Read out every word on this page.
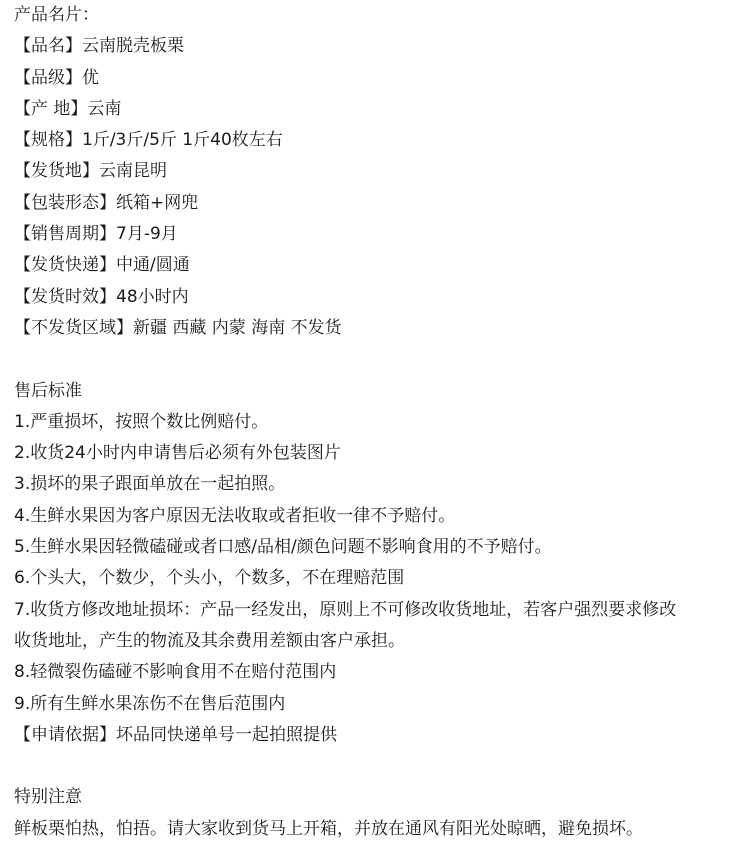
产品名片：
【品名】云南脱壳板栗
【品级】优
【产 地】云南
【规格】1斤/3斤/5斤 1斤40枚左右
【发货地】云南昆明
【包装形态】纸箱+网兜
【销售周期】7月-9月
【发货快递】中通/圆通
【发货时效】48小时内
【不发货区域】新疆 西藏 内蒙 海南 不发货
售后标准
1.严重损坏，按照个数比例赔付。
2.收货24小时内申请售后必须有外包装图片
3.损坏的果子跟面单放在一起拍照。
4.生鲜水果因为客户原因无法收取或者拒收一律不予赔付。
5.生鲜水果因轻微磕碰或者口感/品相/颜色问题不影响食用的不予赔付。
6.个头大，个数少，个头小，个数多，不在理赔范围
7.收货方修改地址损坏：产品一经发出，原则上不可修改收货地址，若客户强烈要求修改
收货地址，产生的物流及其余费用差额由客户承担。
8.轻微裂伤磕碰不影响食用不在赔付范围内
9.所有生鲜水果冻伤不在售后范围内
【申请依据】坏品同快递单号一起拍照提供
特别注意
鲜板栗怕热，怕捂。请大家收到货马上开箱，并放在通风有阳光处晾晒，避免损坏。
